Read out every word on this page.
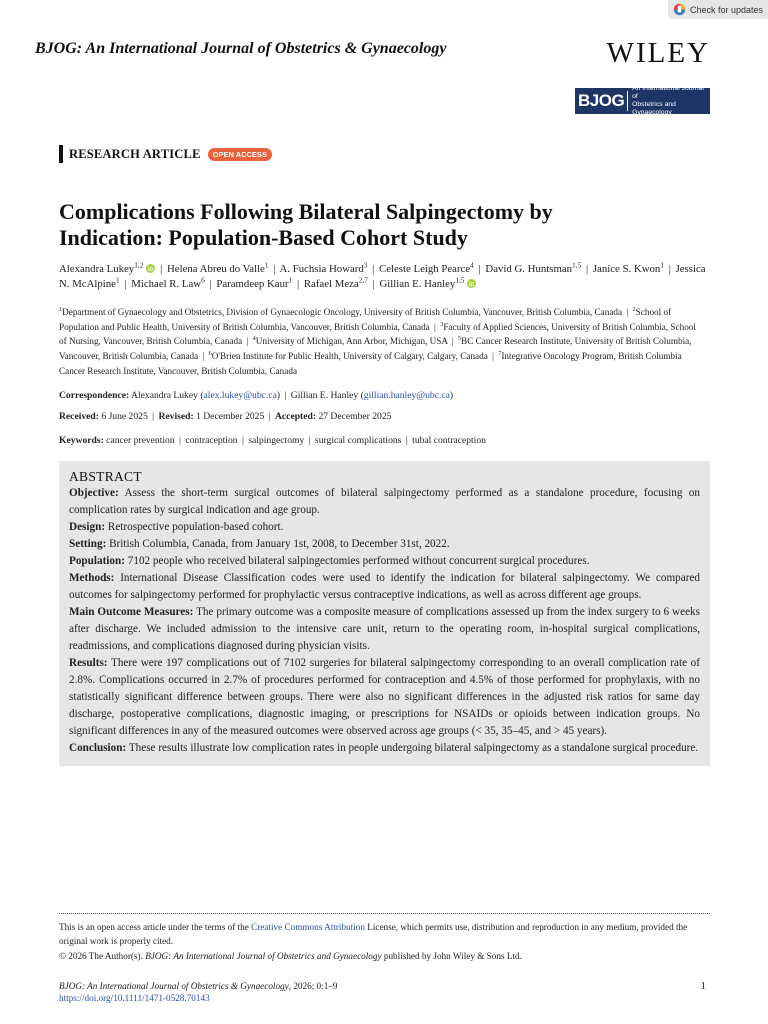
Check for updates
BJOG: An International Journal of Obstetrics & Gynaecology	WILEY
BJOG
An International Journal of
Obstetrics and Gynaecology
RESEARCH ARTICLE	OPEN ACCESS
Complications Following Bilateral Salpingectomy by Indication: Population-Based Cohort Study
Alexandra Lukey$^{1,2}$ | Helena Abreu do Valle$^1$ | A. Fuchsia Howard$^3$ | Celeste Leigh Pearce$^4$ | David G. Huntsman$^{1,5}$ | Janice S. Kwon$^1$ | Jessica N. McAlpine$^1$ | Michael R. Law$^6$ | Paramdeep Kaur$^1$ | Rafael Meza$^{2,7}$ | Gillian E. Hanley$^{1,5}$
$^1$Department of Gynaecology and Obstetrics, Division of Gynaecologic Oncology, University of British Columbia, Vancouver, British Columbia, Canada | $^2$School of Population and Public Health, University of British Columbia, Vancouver, British Columbia, Canada | $^3$Faculty of Applied Sciences, University of British Columbia, School of Nursing, Vancouver, British Columbia, Canada | $^4$University of Michigan, Ann Arbor, Michigan, USA | $^5$BC Cancer Research Institute, University of British Columbia, Vancouver, British Columbia, Canada | $^6$O'Brien Institute for Public Health, University of Calgary, Calgary, Canada | $^7$Integrative Oncology Program, British Columbia Cancer Research Institute, Vancouver, British Columbia, Canada
Correspondence: Alexandra Lukey (alex.lukey@ubc.ca) | Gillian E. Hanley (gillian.hanley@ubc.ca)
Received: 6 June 2025 | Revised: 1 December 2025 | Accepted: 27 December 2025
Keywords: cancer prevention | contraception | salpingectomy | surgical complications | tubal contraception
ABSTRACT

Objective: Assess the short-term surgical outcomes of bilateral salpingectomy performed as a standalone procedure, focusing on complication rates by surgical indication and age group.

Design: Retrospective population-based cohort.

Setting: British Columbia, Canada, from January 1st, 2008, to December 31st, 2022.

Population: 7102 people who received bilateral salpingectomies performed without concurrent surgical procedures.

Methods: International Disease Classification codes were used to identify the indication for bilateral salpingectomy. We compared outcomes for salpingectomy performed for prophylactic versus contraceptive indications, as well as across different age groups.

Main Outcome Measures: The primary outcome was a composite measure of complications assessed up from the index surgery to 6 weeks after discharge. We included admission to the intensive care unit, return to the operating room, in-hospital surgical complications, readmissions, and complications diagnosed during physician visits.

Results: There were 197 complications out of 7102 surgeries for bilateral salpingectomy corresponding to an overall complication rate of 2.8%. Complications occurred in 2.7% of procedures performed for contraception and 4.5% of those performed for prophylaxis, with no statistically significant difference between groups. There were also no significant differences in the adjusted risk ratios for same day discharge, postoperative complications, diagnostic imaging, or prescriptions for NSAIDs or opioids between indication groups. No significant differences in any of the measured outcomes were observed across age groups (< 35, 35–45, and > 45 years).

Conclusion: These results illustrate low complication rates in people undergoing bilateral salpingectomy as a standalone surgical procedure.

This is an open access article under the terms of the Creative Commons Attribution License, which permits use, distribution and reproduction in any medium, provided the original work is properly cited.
© 2026 The Author(s). BJOG: An International Journal of Obstetrics and Gynaecology published by John Wiley & Sons Ltd.
BJOG: An International Journal of Obstetrics & Gynaecology, 2026; 0:1–9
https://doi.org/10.1111/1471-0528.70143
1
